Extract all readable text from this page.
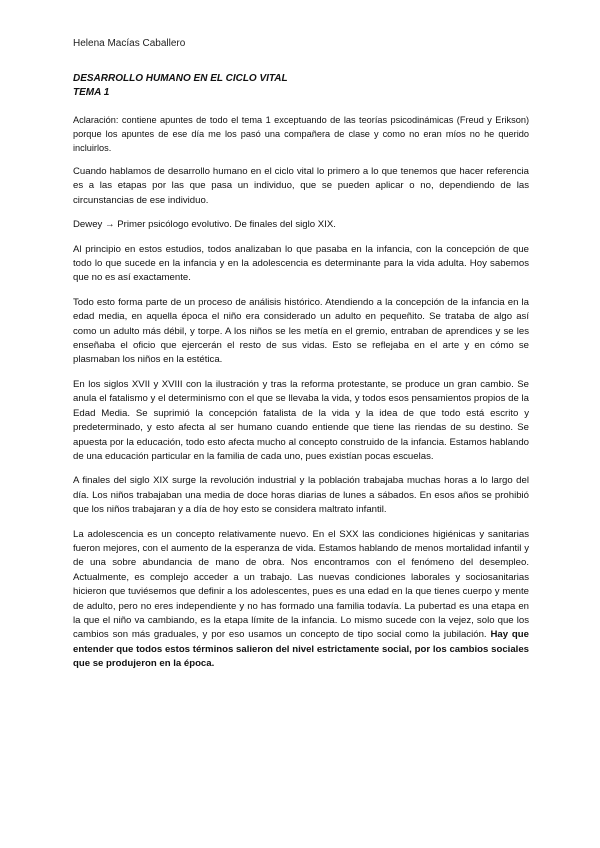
Helena Macías Caballero
DESARROLLO HUMANO EN EL CICLO VITAL
TEMA 1

Aclaración: contiene apuntes de todo el tema 1 exceptuando de las teorías psicodinámicas (Freud y Erikson) porque los apuntes de ese día me los pasó una compañera de clase y como no eran míos no he querido incluirlos.

Cuando hablamos de desarrollo humano en el ciclo vital lo primero a lo que tenemos que hacer referencia es a las etapas por las que pasa un individuo, que se pueden aplicar o no, dependiendo de las circunstancias de ese individuo.

Dewey → Primer psicólogo evolutivo. De finales del siglo XIX.

Al principio en estos estudios, todos analizaban lo que pasaba en la infancia, con la concepción de que todo lo que sucede en la infancia y en la adolescencia es determinante para la vida adulta. Hoy sabemos que no es así exactamente.

Todo esto forma parte de un proceso de análisis histórico. Atendiendo a la concepción de la infancia en la edad media, en aquella época el niño era considerado un adulto en pequeñito. Se trataba de algo así como un adulto más débil, y torpe. A los niños se les metía en el gremio, entraban de aprendices y se les enseñaba el oficio que ejercerán el resto de sus vidas. Esto se reflejaba en el arte y en cómo se plasmaban los niños en la estética.

En los siglos XVII y XVIII con la ilustración y tras la reforma protestante, se produce un gran cambio. Se anula el fatalismo y el determinismo con el que se llevaba la vida, y todos esos pensamientos propios de la Edad Media. Se suprimió la concepción fatalista de la vida y la idea de que todo está escrito y predeterminado, y esto afecta al ser humano cuando entiende que tiene las riendas de su destino. Se apuesta por la educación, todo esto afecta mucho al concepto construido de la infancia. Estamos hablando de una educación particular en la familia de cada uno, pues existían pocas escuelas.

A finales del siglo XIX surge la revolución industrial y la población trabajaba muchas horas a lo largo del día. Los niños trabajaban una media de doce horas diarias de lunes a sábados. En esos años se prohibió que los niños trabajaran y a día de hoy esto se considera maltrato infantil.

La adolescencia es un concepto relativamente nuevo. En el SXX las condiciones higiénicas y sanitarias fueron mejores, con el aumento de la esperanza de vida. Estamos hablando de menos mortalidad infantil y de una sobre abundancia de mano de obra. Nos encontramos con el fenómeno del desempleo. Actualmente, es complejo acceder a un trabajo. Las nuevas condiciones laborales y sociosanitarias hicieron que tuviésemos que definir a los adolescentes, pues es una edad en la que tienes cuerpo y mente de adulto, pero no eres independiente y no has formado una familia todavía. La pubertad es una etapa en la que el niño va cambiando, es la etapa límite de la infancia. Lo mismo sucede con la vejez, solo que los cambios son más graduales, y por eso usamos un concepto de tipo social como la jubilación. Hay que entender que todos estos términos salieron del nivel estrictamente social, por los cambios sociales que se produjeron en la época.
